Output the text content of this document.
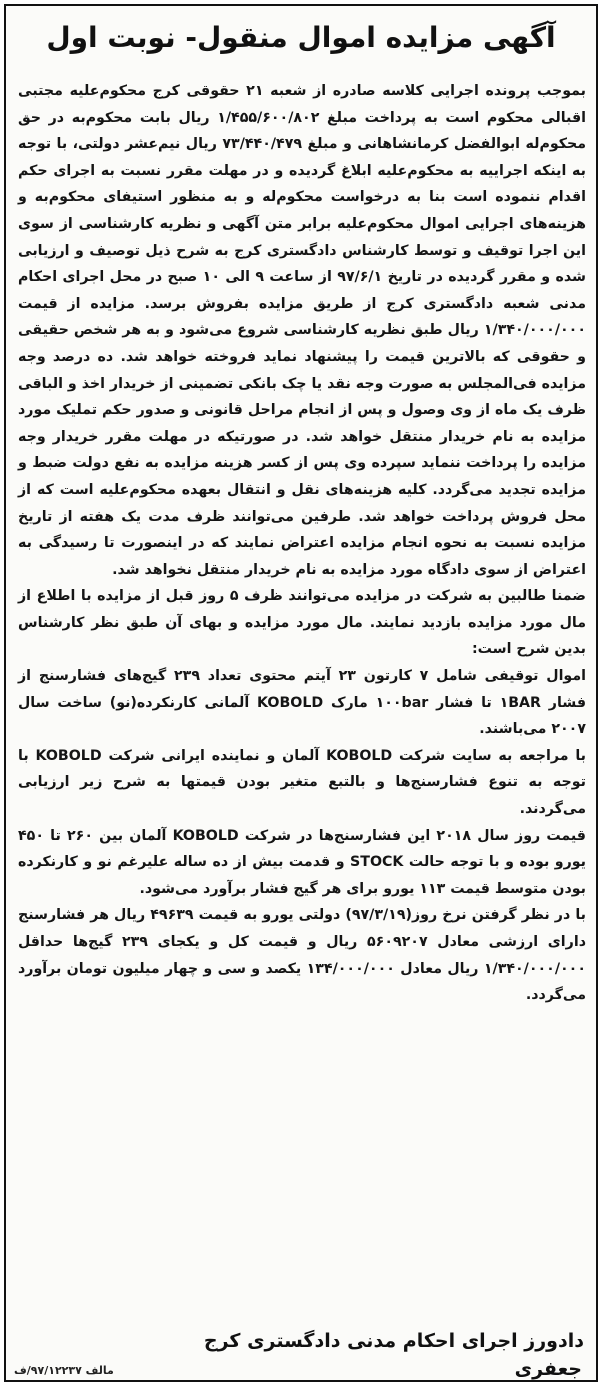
آگهی مزایده اموال منقول- نوبت اول

بموجب پرونده اجرایی کلاسه صادره از شعبه ۲۱ حقوقی کرج محکوم‌علیه مجتبی اقبالی محکوم است به پرداخت مبلغ ۱/۴۵۵/۶۰۰/۸۰۲ ریال بابت محکوم‌به در حق محکوم‌له ابوالفضل کرمانشاهانی و مبلغ ۷۳/۴۴۰/۴۷۹ ریال نیم‌عشر دولتی، با توجه به اینکه اجراییه به محکوم‌علیه ابلاغ گردیده و در مهلت مقرر نسبت به اجرای حکم اقدام ننموده است بنا به درخواست محکوم‌له و به منظور استیفای محکوم‌به و هزینه‌های اجرایی اموال محکوم‌علیه برابر متن آگهی و نظریه کارشناسی از سوی این اجرا توقیف و توسط کارشناس دادگستری کرج به شرح ذیل توصیف و ارزیابی شده و مقرر گردیده در تاریخ ۹۷/۶/۱ از ساعت ۹ الی ۱۰ صبح در محل اجرای احکام مدنی شعبه دادگستری کرج از طریق مزایده بفروش برسد. مزایده از قیمت ۱/۳۴۰/۰۰۰/۰۰۰ ریال طبق نظریه کارشناسی شروع می‌شود و به هر شخص حقیقی و حقوقی که بالاترین قیمت را پیشنهاد نماید فروخته خواهد شد. ده درصد وجه مزایده فی‌المجلس به صورت وجه نقد یا چک بانکی تضمینی از خریدار اخذ و الباقی ظرف یک ماه از وی وصول و پس از انجام مراحل قانونی و صدور حکم تملیک مورد مزایده به نام خریدار منتقل خواهد شد. در صورتیکه در مهلت مقرر خریدار وجه مزایده را پرداخت ننماید سپرده وی پس از کسر هزینه مزایده به نفع دولت ضبط و مزایده تجدید می‌گردد. کلیه هزینه‌های نقل و انتقال بعهده محکوم‌علیه است که از محل فروش پرداخت خواهد شد. طرفین می‌توانند ظرف مدت یک هفته از تاریخ مزایده نسبت به نحوه انجام مزایده اعتراض نمایند که در اینصورت تا رسیدگی به اعتراض از سوی دادگاه مورد مزایده به نام خریدار منتقل نخواهد شد.

ضمنا طالبین به شرکت در مزایده می‌توانند ظرف ۵ روز قبل از مزایده با اطلاع از مال مورد مزایده بازدید نمایند. مال مورد مزایده و بهای آن طبق نظر کارشناس بدین شرح است:

اموال توقیفی شامل ۷ کارتون ۲۳ آیتم محتوی تعداد ۲۳۹ گیج‌های فشارسنج از فشار ۱BAR تا فشار ۱۰۰bar مارک KOBOLD آلمانی کارنکرده(نو) ساخت سال ۲۰۰۷ می‌باشند.

با مراجعه به سایت شرکت KOBOLD آلمان و نماینده ایرانی شرکت KOBOLD با توجه به تنوع فشارسنج‌ها و بالتبع متغیر بودن قیمتها به شرح زیر ارزیابی می‌گردند.

قیمت روز سال ۲۰۱۸ این فشارسنج‌ها در شرکت KOBOLD آلمان بین ۲۶۰ تا ۴۵۰ یورو بوده و با توجه حالت STOCK و قدمت بیش از ده ساله علیرغم نو و کارنکرده بودن متوسط قیمت ۱۱۳ یورو برای هر گیج فشار برآورد می‌شود.

با در نظر گرفتن نرخ روز(۹۷/۳/۱۹) دولتی یورو به قیمت ۴۹۶۳۹ ریال هر فشارسنج دارای ارزشی معادل ۵۶۰۹۲۰۷ ریال و قیمت کل و یکجای ۲۳۹ گیج‌ها حداقل ۱/۳۴۰/۰۰۰/۰۰۰ ریال معادل ۱۳۴/۰۰۰/۰۰۰ یکصد و سی و چهار میلیون تومان برآورد می‌گردد.

دادورز اجرای احکام مدنی دادگستری کرج
جعفری
مالف ۹۷/۱۲۲۳۷/ف
